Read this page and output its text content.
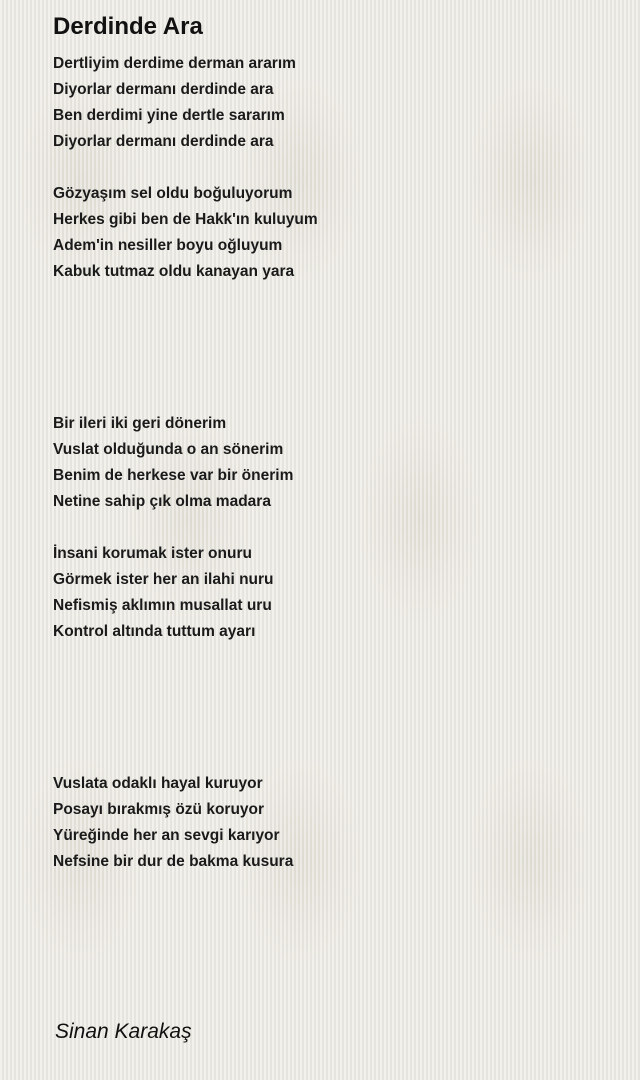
Derdinde Ara
Dertliyim derdime derman ararım
Diyorlar dermanı derdinde ara
Ben derdimi yine dertle sararım
Diyorlar dermanı derdinde ara
Gözyaşım sel oldu boğuluyorum
Herkes gibi ben de Hakk'ın kuluyum
Adem'in nesiller boyu oğluyum
Kabuk tutmaz oldu kanayan yara
Bir ileri iki geri dönerim
Vuslat olduğunda o an sönerim
Benim de herkese var bir önerim
Netine sahip çık olma madara
İnsani korumak ister onuru
Görmek ister her an ilahi nuru
Nefismiş aklımın musallat uru
Kontrol altında tuttum ayarı
Vuslata odaklı hayal kuruyor
Posayı bırakmış özü koruyor
Yüreğinde her an sevgi karıyor
Nefsine bir dur de bakma kusura

Sinan Karakaş
